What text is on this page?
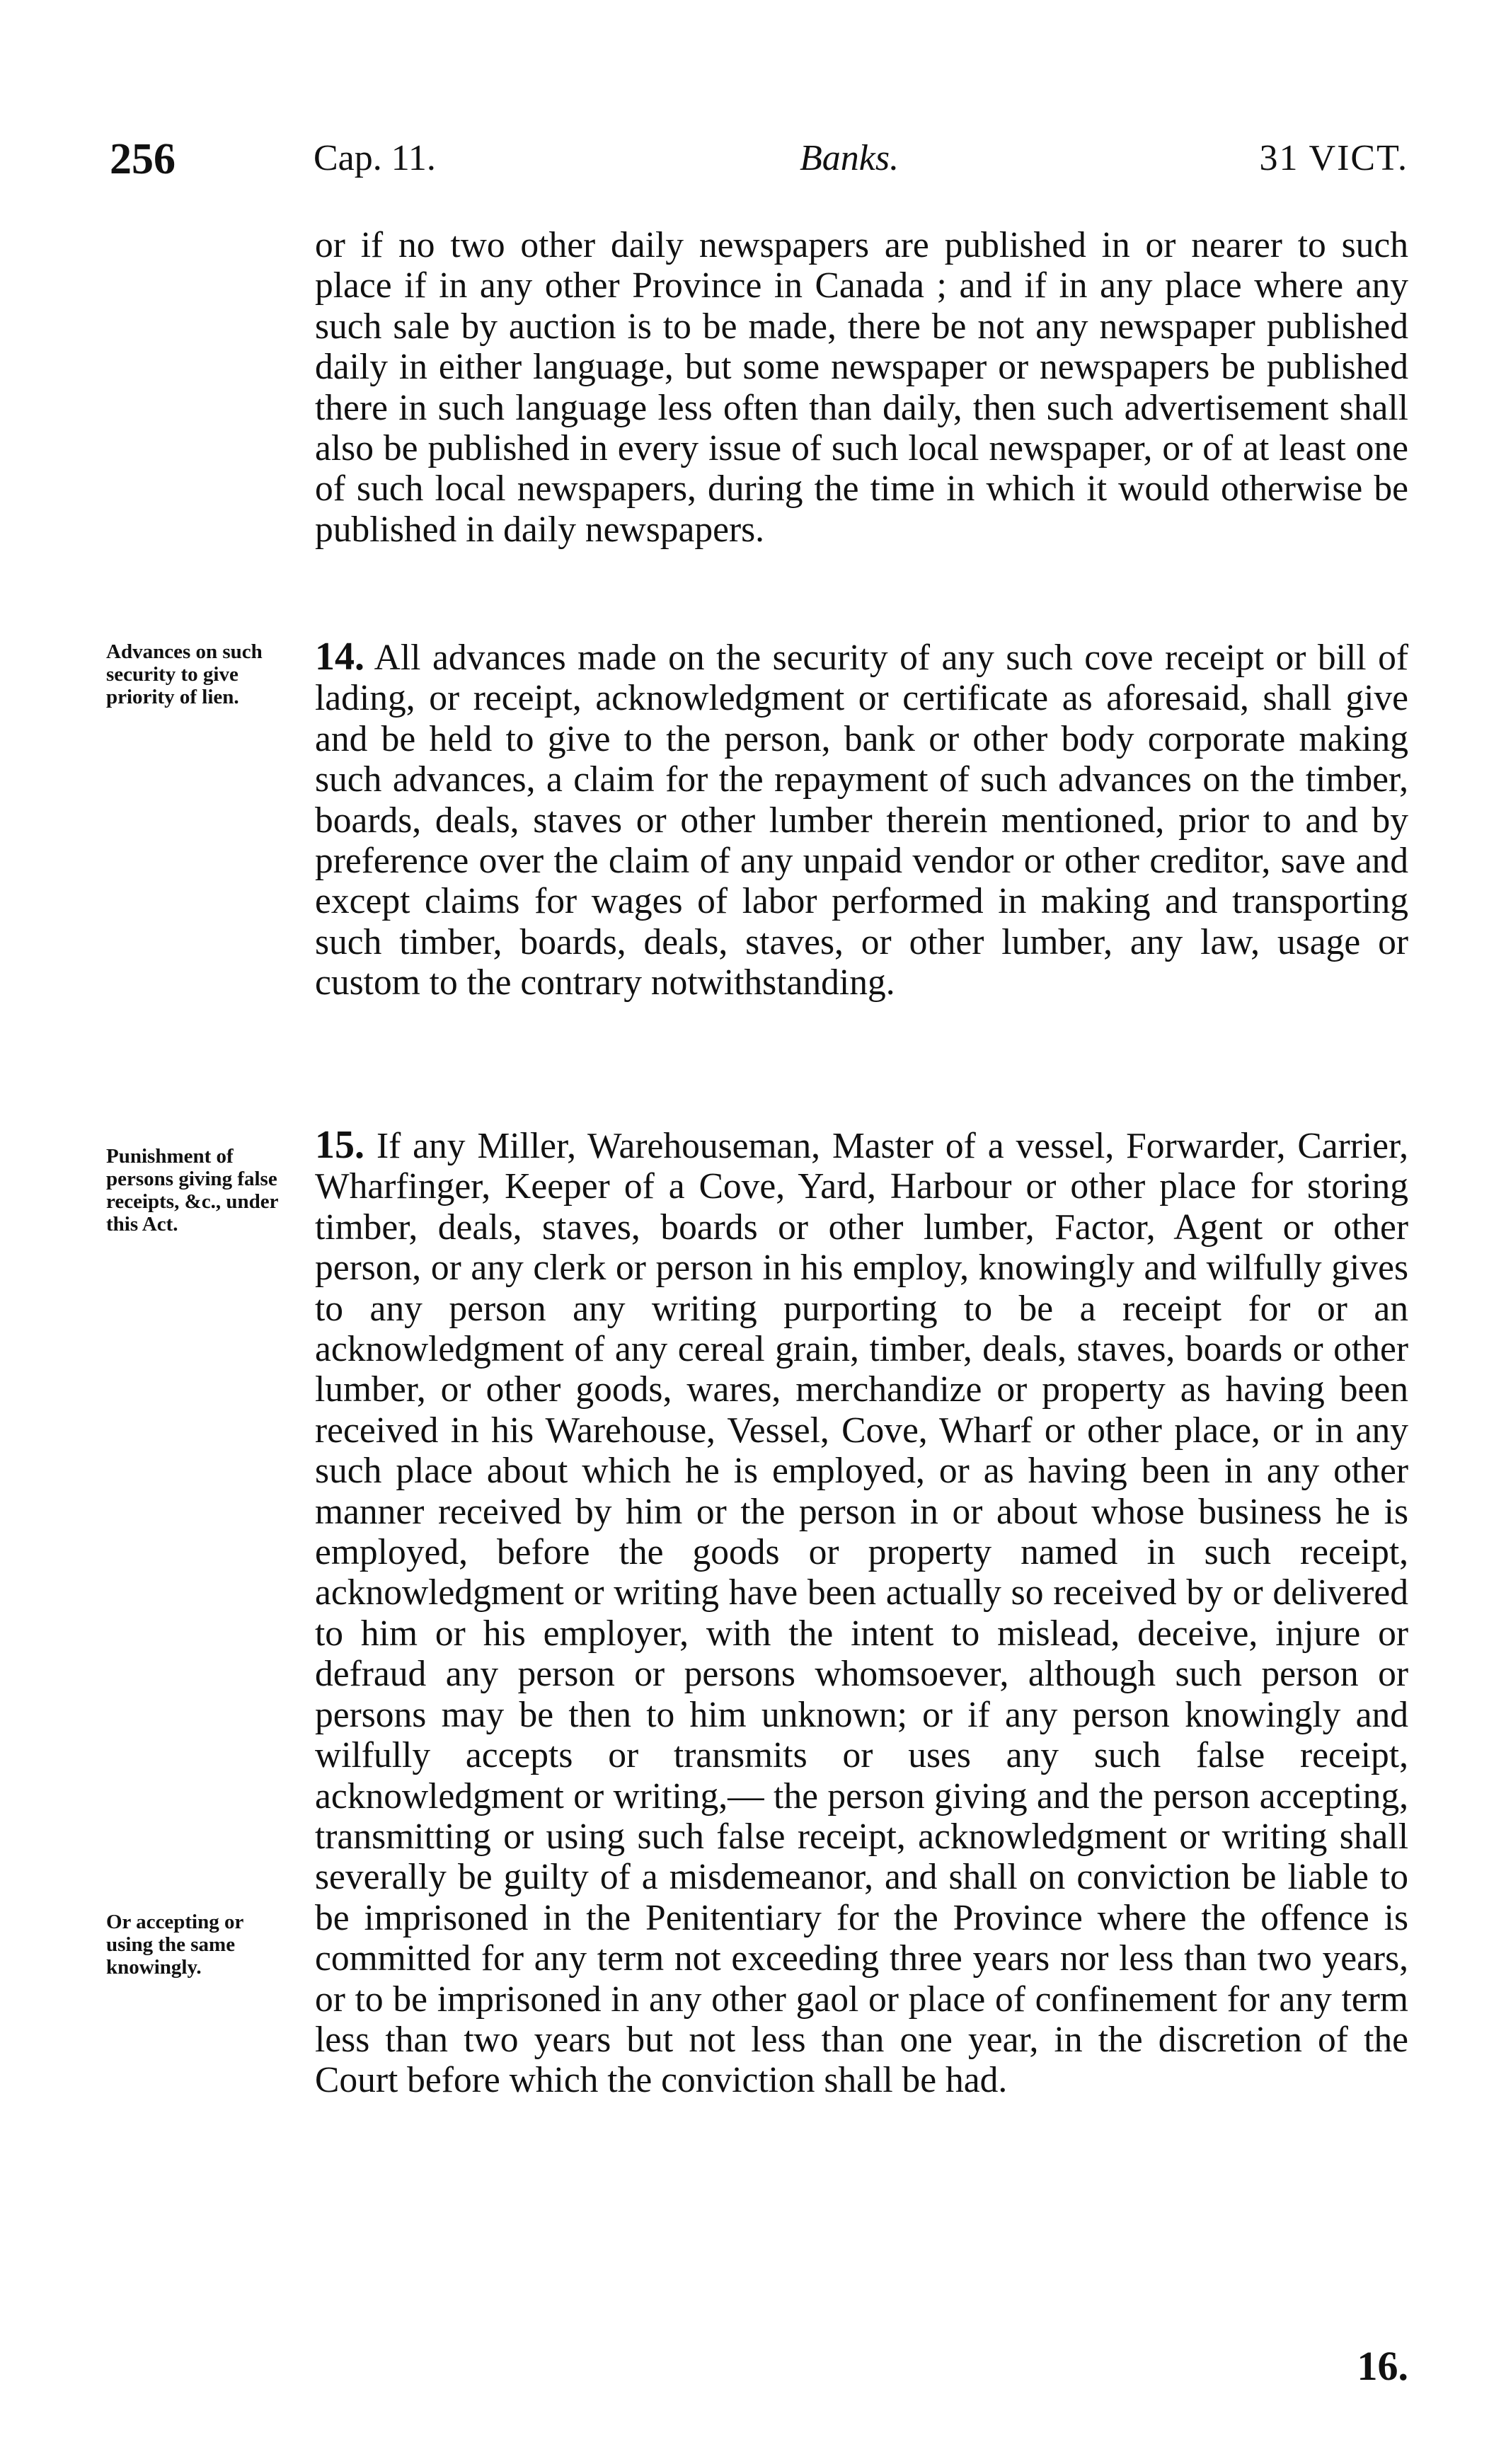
256	Cap. 11.	Banks.	31 VICT.
or if no two other daily newspapers are published in or nearer to such place if in any other Province in Canada ; and if in any place where any such sale by auction is to be made, there be not any newspaper published daily in either language, but some newspaper or newspapers be published there in such language less often than daily, then such advertisement shall also be published in every issue of such local newspaper, or of at least one of such local newspapers, during the time in which it would otherwise be published in daily newspapers.
Advances on such security to give priority of lien.
14. All advances made on the security of any such cove receipt or bill of lading, or receipt, acknowledgment or certificate as aforesaid, shall give and be held to give to the person, bank or other body corporate making such advances, a claim for the repayment of such advances on the timber, boards, deals, staves or other lumber therein mentioned, prior to and by preference over the claim of any unpaid vendor or other creditor, save and except claims for wages of labor performed in making and transporting such timber, boards, deals, staves, or other lumber, any law, usage or custom to the contrary notwithstanding.
Punishment of persons giving false receipts, &c., under this Act.
15. If any Miller, Warehouseman, Master of a vessel, Forwarder, Carrier, Wharfinger, Keeper of a Cove, Yard, Harbour or other place for storing timber, deals, staves, boards or other lumber, Factor, Agent or other person, or any clerk or person in his employ, knowingly and wilfully gives to any person any writing purporting to be a receipt for or an acknowledgment of any cereal grain, timber, deals, staves, boards or other lumber, or other goods, wares, merchandize or property as having been received in his Warehouse, Vessel, Cove, Wharf or other place, or in any such place about which he is employed, or as having been in any other manner received by him or the person in or about whose business he is employed, before the goods or property named in such receipt, acknowledgment or writing have been actually so received by or delivered to him or his employer, with the intent to mislead, deceive, injure or defraud any person or persons whomsoever, although such person or persons may be then to him unknown; or if any person knowingly and wilfully accepts or transmits or uses any such false receipt, acknowledgment or writing,— the person giving and the person accepting, transmitting or using such false receipt, acknowledgment or writing shall severally be guilty of a misdemeanor, and shall on conviction be liable to be imprisoned in the Penitentiary for the Province where the offence is committed for any term not exceeding three years nor less than two years, or to be imprisoned in any other gaol or place of confinement for any term less than two years but not less than one year, in the discretion of the Court before which the conviction shall be had.
Or accepting or using the same knowingly.
16.
